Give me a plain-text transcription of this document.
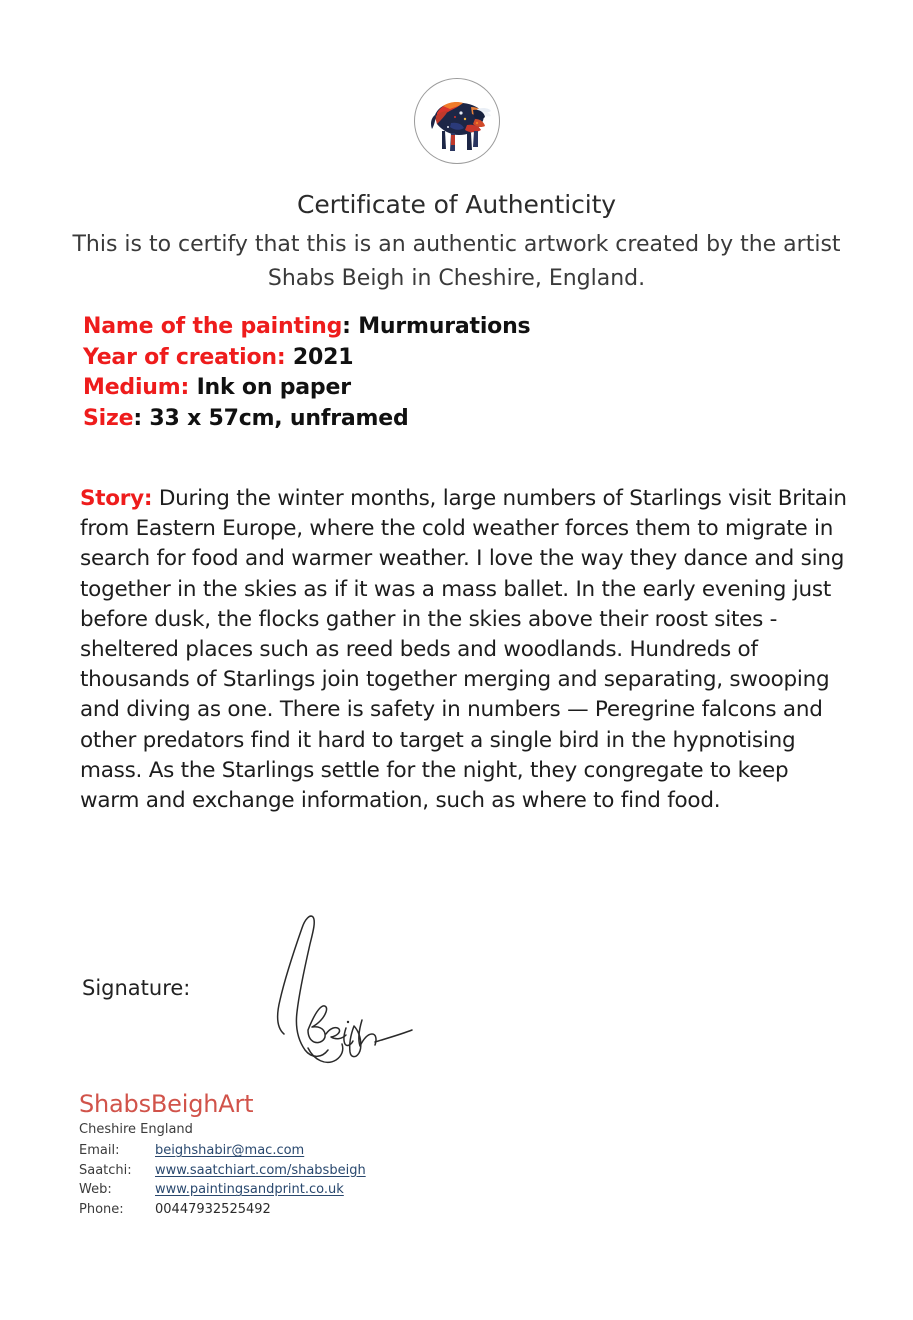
Certificate of Authenticity
This is to certify that this is an authentic artwork created by the artist
Shabs Beigh in Cheshire, England.
Name of the painting: Murmurations
Year of creation: 2021
Medium: Ink on paper
Size: 33 x 57cm, unframed
Story: During the winter months, large numbers of Starlings visit Britain from Eastern Europe, where the cold weather forces them to migrate in search for food and warmer weather. I love the way they dance and sing together in the skies as if it was a mass ballet. In the early evening just before dusk, the flocks gather in the skies above their roost sites - sheltered places such as reed beds and woodlands. Hundreds of thousands of Starlings join together merging and separating, swooping and diving as one. There is safety in numbers — Peregrine falcons and other predators find it hard to target a single bird in the hypnotising mass. As the Starlings settle for the night, they congregate to keep warm and exchange information, such as where to find food.
Signature:
ShabsBeighArt
Cheshire England
Email:	beighshabir@mac.com
Saatchi:	www.saatchiart.com/shabsbeigh
Web:	www.paintingsandprint.co.uk
Phone:	00447932525492
